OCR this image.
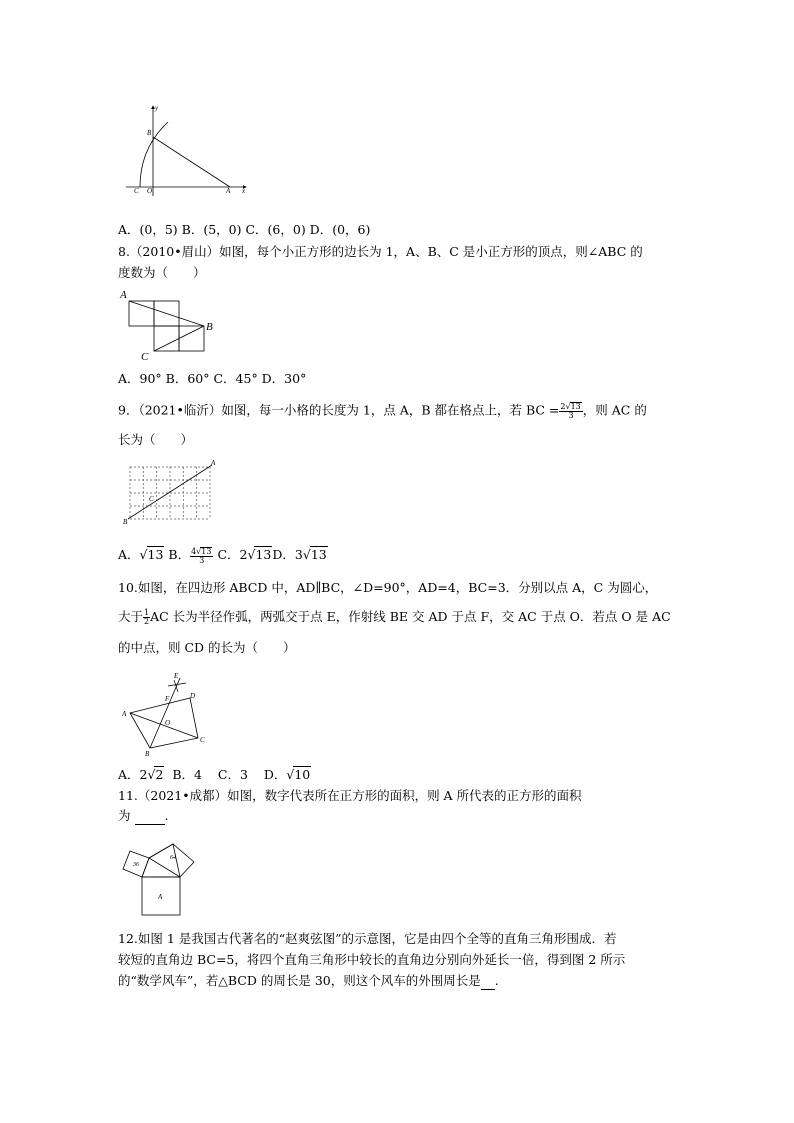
y
B
C O	A x
A．(0，5) B．(5，0) C．(6，0) D．(0，6)
8.（2010•眉山）如图，每个小正方形的边长为 1，A、B、C 是小正方形的顶点，则∠ABC 的
度数为（　　）
A
B
C
A．90° B．60° C．45° D．30°
9．（2021•临沂）如图，每一小格的长度为 1，点 A，B 都在格点上，若 BC = $\frac{2√13}{3}$ ，则 AC 的
长为（　　）
A
B
C
A．√13 B． $\frac{4√13}{3}$ C．2√13D．3√13
10.如图，在四边形 ABCD 中，AD∥BC，∠D=90°，AD=4，BC=3．分别以点 A，C 为圆心，
大于 $\frac{1}{2}$ AC 长为半径作弧，两弧交于点 E，作射线 BE 交 AD 于点 F，交 AC 于点 O．若点 O 是 AC
的中点，则 CD 的长为（　　）
E
F	D
A
O
B
C
A．2√2 B．4 C．3 D．√10
11.（2021•成都）如图，数字代表所在正方形的面积，则 A 所代表的正方形的面积
为	.
36
64
A
12.如图 1 是我国古代著名的“赵爽弦图”的示意图，它是由四个全等的直角三角形围成．若
较短的直角边 BC=5，将四个直角三角形中较长的直角边分别向外延长一倍，得到图 2 所示
的“数学风车”，若△BCD 的周长是 30，则这个风车的外围周长是 .
